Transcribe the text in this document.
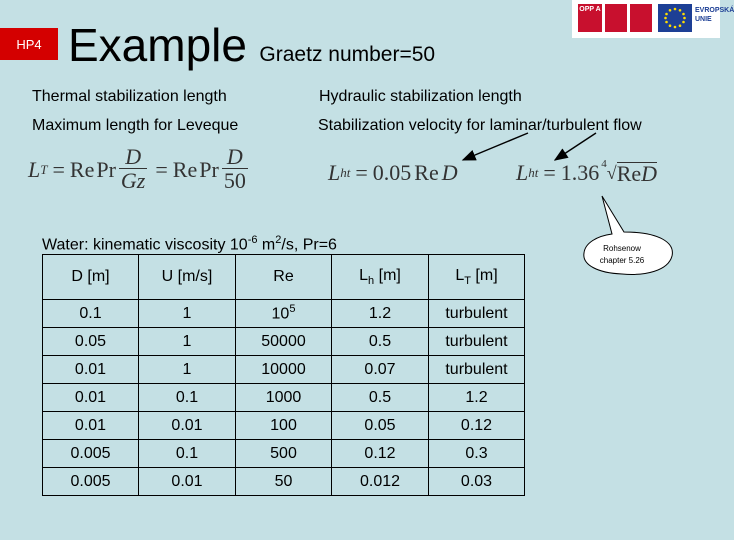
HP4 Example Graetz number=50
OPP A	EVROPSKÁ UNIE
Thermal stabilization length	Hydraulic stabilization length
Maximum length for Leveque	Stabilization velocity for laminar/turbulent flow
L T = Re Pr $\frac{D}{Gz} = Re$ Pr $\frac{D}{50}$	L ht = 0.05 Re D	L ht = 1.36 4 √ ReD
Rohsenow
chapter 5.26
Water: kinematic viscosity $10^{-6}$ $m^2/s$, Pr=6
D [m]	U [m/s]	Re	$L_h$ [m]	$L_T$ [m]
0.1	1	$10^5$	1.2	turbulent
0.05	1	50000	0.5	turbulent
0.01	1	10000	0.07	turbulent
0.01	0.1	1000	0.5	1.2
0.01	0.01	100	0.05	0.12
0.005	0.1	500	0.12	0.3
0.005	0.01	50	0.012	0.03
